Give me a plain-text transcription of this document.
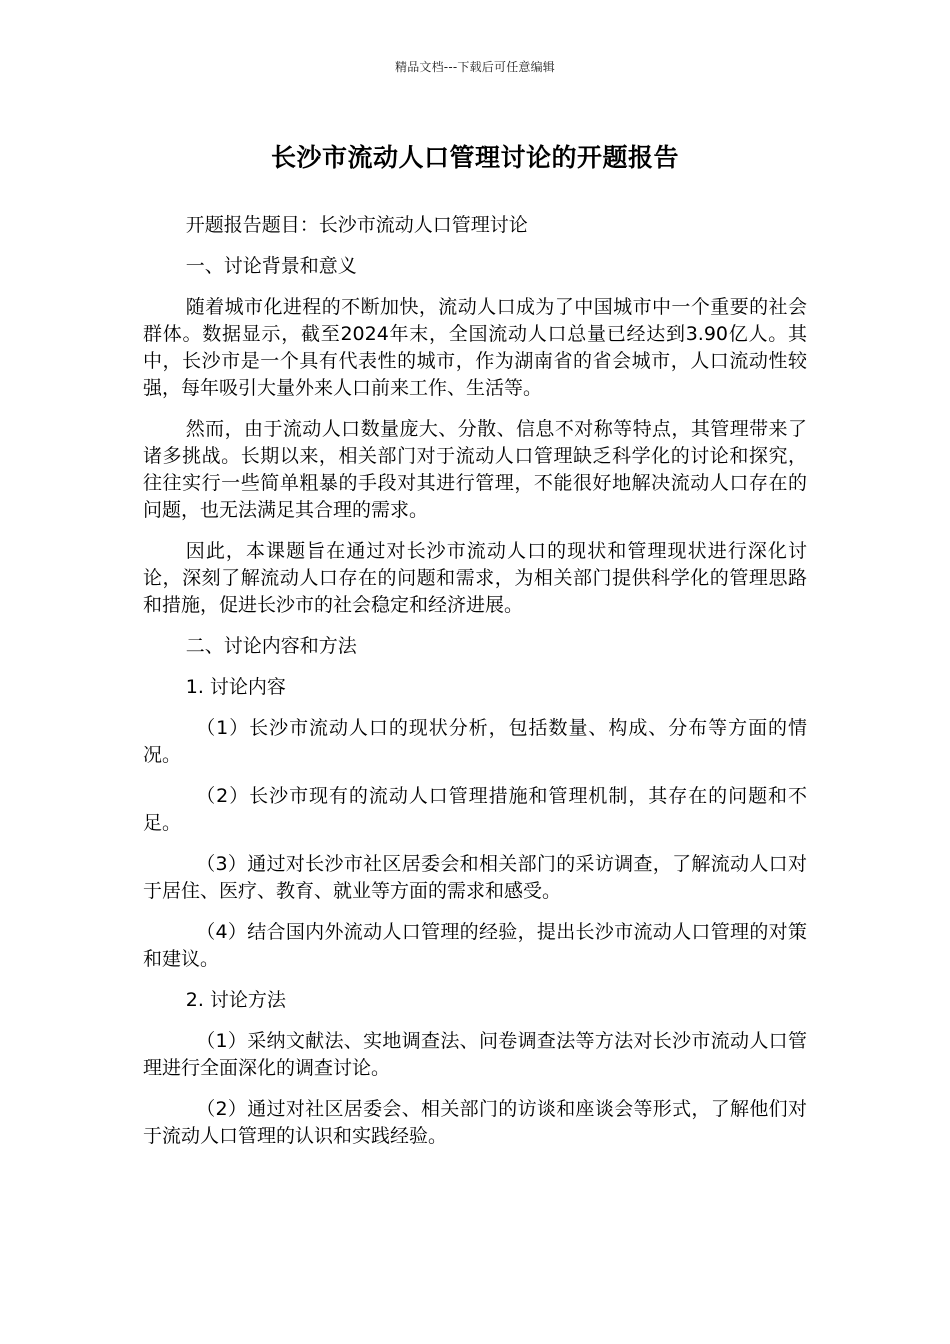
精品文档---下载后可任意编辑
长沙市流动人口管理讨论的开题报告

开题报告题目：长沙市流动人口管理讨论

一、讨论背景和意义

随着城市化进程的不断加快，流动人口成为了中国城市中一个重要的社会群体。数据显示，截至2024年末，全国流动人口总量已经达到3.90亿人。其中，长沙市是一个具有代表性的城市，作为湖南省的省会城市，人口流动性较强，每年吸引大量外来人口前来工作、生活等。

然而，由于流动人口数量庞大、分散、信息不对称等特点，其管理带来了诸多挑战。长期以来，相关部门对于流动人口管理缺乏科学化的讨论和探究，往往实行一些简单粗暴的手段对其进行管理，不能很好地解决流动人口存在的问题，也无法满足其合理的需求。

因此，本课题旨在通过对长沙市流动人口的现状和管理现状进行深化讨论，深刻了解流动人口存在的问题和需求，为相关部门提供科学化的管理思路和措施，促进长沙市的社会稳定和经济进展。

二、讨论内容和方法

1. 讨论内容

（1）长沙市流动人口的现状分析，包括数量、构成、分布等方面的情况。

（2）长沙市现有的流动人口管理措施和管理机制，其存在的问题和不足。

（3）通过对长沙市社区居委会和相关部门的采访调查，了解流动人口对于居住、医疗、教育、就业等方面的需求和感受。

（4）结合国内外流动人口管理的经验，提出长沙市流动人口管理的对策和建议。

2. 讨论方法

（1）采纳文献法、实地调查法、问卷调查法等方法对长沙市流动人口管理进行全面深化的调查讨论。

（2）通过对社区居委会、相关部门的访谈和座谈会等形式，了解他们对于流动人口管理的认识和实践经验。
